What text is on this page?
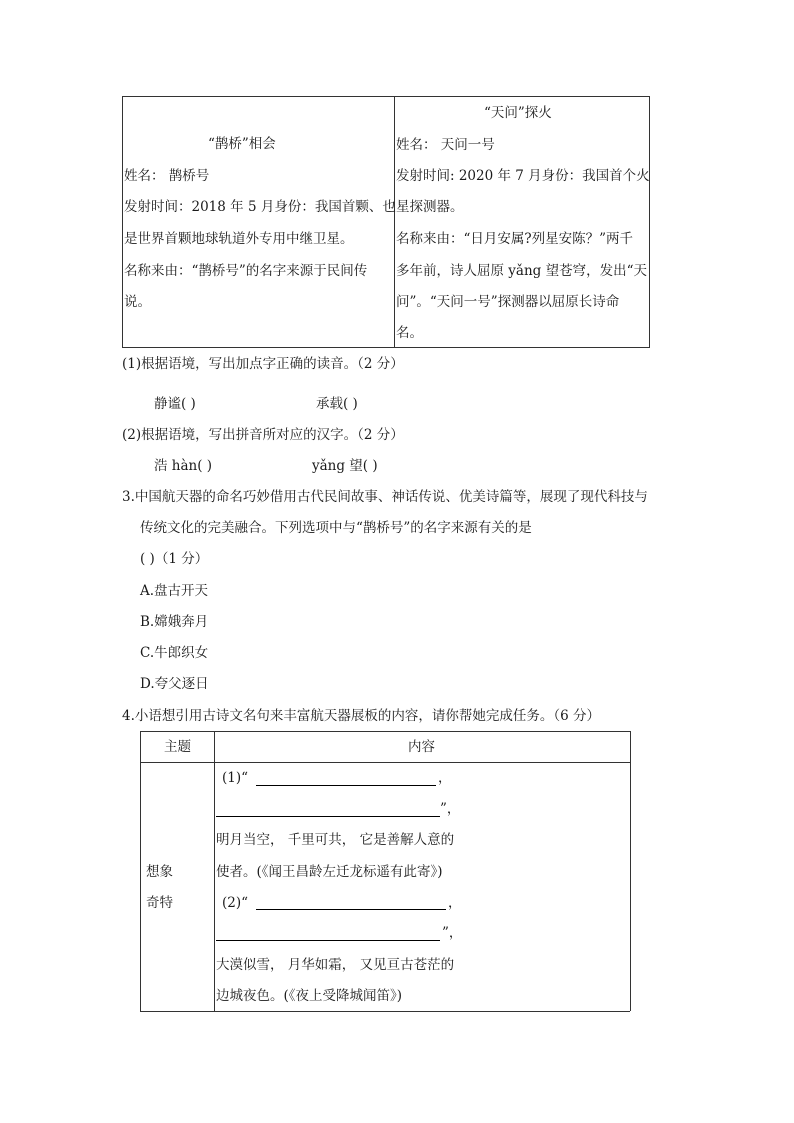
“鹊桥”相会
姓名： 鹊桥号
发射时间：2018 年 5 月身份：我国首颗、也
是世界首颗地球轨道外专用中继卫星。
名称来由：“鹊桥号”的名字来源于民间传
说。
“天问”探火
姓名： 天问一号
发射时间: 2020 年 7 月身份：我国首个火
星探测器。
名称来由：“日月安属?列星安陈？”两千
多年前，诗人屈原 yǎng 望苍穹，发出“天
问”。“天问一号”探测器以屈原长诗命
名。
(1)根据语境，写出加点字正确的读音。（2 分）
静谧( )	承载( )
(2)根据语境，写出拼音所对应的汉字。（2 分）
浩 hàn( )	yǎng 望( )
3.中国航天器的命名巧妙借用古代民间故事、神话传说、优美诗篇等，展现了现代科技与
传统文化的完美融合。下列选项中与“鹊桥号”的名字来源有关的是
( )（1 分）
A.盘古开天
B.嫦娥奔月
C.牛郎织女
D.夸父逐日
4.小语想引用古诗文名句来丰富航天器展板的内容，请你帮她完成任务。（6 分）
主题	内容
想象
奇特
(1)“	，
”，
明月当空， 千里可共， 它是善解人意的
使者。(《闻王昌龄左迁龙标遥有此寄》)
(2)“	，
”，
大漠似雪， 月华如霜， 又见亘古苍茫的
边城夜色。(《夜上受降城闻笛》)
